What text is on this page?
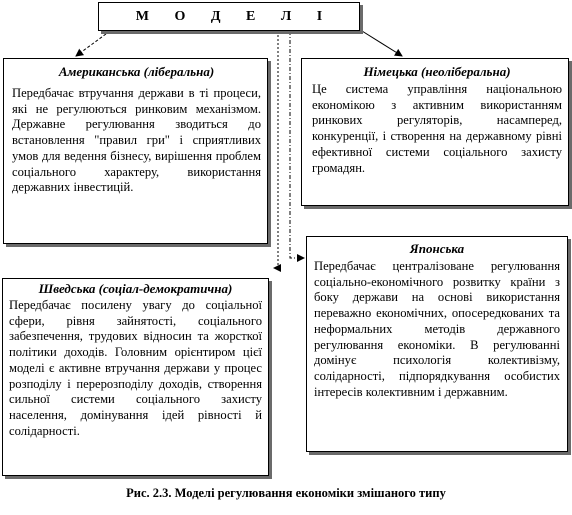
М О Д Е Л І

Американська (ліберальна)

Передбачає втручання держави в ті процеси, які не регулюються ринковим механізмом. Державне регулювання зводиться до встановлення "правил гри" і сприятливих умов для ведення бізнесу, вирішення проблем соціального характеру, використання державних інвестицій.

Німецька (неоліберальна)

Це система управління національною економікою з активним використанням ринкових регуляторів, насамперед, конкуренції, і створення на державному рівні ефективної системи соціального захисту громадян.

Японська

Передбачає централізоване регулювання соціально-економічного розвитку країни з боку держави на основі використання переважно економічних, опосередкованих та неформальних методів державного регулювання економіки. В регулюванні домінує психологія колективізму, солідарності, підпорядкування особистих інтересів колективним і державним.

Шведська (соціал-демократична)

Передбачає посилену увагу до соціальної сфери, рівня зайнятості, соціального забезпечення, трудових відносин та жорсткої політики доходів. Головним орієнтиром цієї моделі є активне втручання держави у процес розподілу і перерозподілу доходів, створення сильної системи соціального захисту населення, домінування ідей рівності й солідарності.

Рис. 2.3. Моделі регулювання економіки змішаного типу
